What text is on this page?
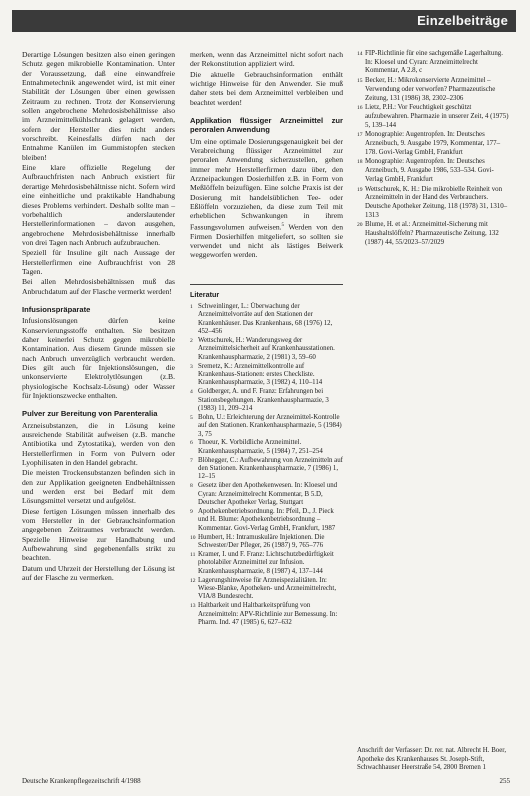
Einzelbeiträge

Derartige Lösungen besitzen also einen geringen Schutz gegen mikrobielle Kontamination. Unter der Voraussetzung, daß eine einwandfreie Entnahmetechnik angewendet wird, ist mit einer Stabilität der Lösungen über einen gewissen Zeitraum zu rechnen. Trotz der Konservierung sollen angebrochene Mehrdosisbehältnisse also im Arzneimittelkühlschrank gelagert werden, sofern der Hersteller dies nicht anders vorschreibt. Keinesfalls dürfen nach der Entnahme Kanülen im Gummistopfen stecken bleiben!

Eine klare offizielle Regelung der Aufbrauchfristen nach Anbruch existiert für derartige Mehrdosisbehältnisse nicht. Sofern wird eine einheitliche und praktikable Handhabung dieses Problems verhindert. Deshalb sollte man – vorbehaltlich anderslautender Herstellerinformationen – davon ausgehen, angebrochene Mehrdosisbehältnisse innerhalb von drei Tagen nach Anbruch aufzubrauchen.

Speziell für Insuline gilt nach Aussage der Herstellerfirmen eine Aufbrauchfrist von 28 Tagen.

Bei allen Mehrdosisbehältnissen muß das Anbruchdatum auf der Flasche vermerkt werden!

Infusionspräparate

Infusionslösungen dürfen keine Konservierungsstoffe enthalten. Sie besitzen daher keinerlei Schutz gegen mikrobielle Kontamination. Aus diesem Grunde müssen sie nach Anbruch unverzüglich verbraucht werden. Dies gilt auch für Injektionslösungen, die unkonservierte Elektrolytlösungen (z.B. physiologische Kochsalz-Lösung) oder Wasser für Injektionszwecke enthalten.

Pulver zur Bereitung von Parenteralia

Arzneisubstanzen, die in Lösung keine ausreichende Stabilität aufweisen (z.B. manche Antibiotika und Zytostatika), werden von den Herstellerfirmen in Form von Pulvern oder Lyophilisaten in den Handel gebracht.

Die meisten Trockensubstanzen befinden sich in den zur Applikation geeigneten Endbehältnissen und werden erst bei Bedarf mit dem Lösungsmittel versetzt und aufgelöst.

Diese fertigen Lösungen müssen innerhalb des vom Hersteller in der Gebrauchsinformation angegebenen Zeitraumes verbraucht werden. Spezielle Hinweise zur Handhabung und Aufbewahrung sind gegebenenfalls strikt zu beachten.

Datum und Uhrzeit der Herstellung der Lösung ist auf der Flasche zu vermerken.

merken, wenn das Arzneimittel nicht sofort nach der Rekonstitution appliziert wird.

Die aktuelle Gebrauchsinformation enthält wichtige Hinweise für den Anwender. Sie muß daher stets bei dem Arzneimittel verbleiben und beachtet werden!

Applikation flüssiger Arzneimittel zur peroralen Anwendung

Um eine optimale Dosierungsgenauigkeit bei der Verabreichung flüssiger Arzneimittel zur peroralen Anwendung sicherzustellen, gehen immer mehr Herstellerfirmen dazu über, den Arzneipackungen Dosierhilfen z.B. in Form von Meßlöffeln beizufügen. Eine solche Praxis ist der Dosierung mit handelsüblichen Tee- oder Eßlöffeln vorzuziehen, da diese zum Teil mit erheblichen Schwankungen in ihrem Fassungsvolumen aufweisen.$^5$ Werden von den Firmen Dosierhilfen mitgeliefert, so sollten sie verwendet und nicht als lästiges Beiwerk weggeworfen werden.

Literatur
1 Schweinlinger, L.: Überwachung der Arzneimittelvorräte auf den Stationen der Krankenhäuser. Das Krankenhaus, 68 (1976) 12, 452–456
2 Wettschurek, H.: Wanderungsweg der Arzneimittelsicherheit auf Krankenhausstationen. Krankenhauspharmazie, 2 (1981) 3, 59–60
3 Sremetz, K.: Arzneimittelkontrolle auf Krankenhaus-Stationen: erstes Checkliste. Krankenhauspharmazie, 3 (1982) 4, 110–114
4 Goldberger, A. und F. Franz: Erfahrungen bei Stationsbegehungen. Krankenhauspharmazie, 3 (1983) 11, 209–214
5 Bohn, U.: Erleichterung der Arzneimittel-Kontrolle auf den Stationen. Krankenhauspharmazie, 5 (1984) 3, 75
6 Thoeur, K. Vorbildliche Arzneimittel. Krankenhauspharmazie, 5 (1984) 7, 251–254
7 Blöhegger, C.: Aufbewahrung von Arzneimitteln auf den Stationen. Krankenhauspharmazie, 7 (1986) 1, 12–15
8 Gesetz über den Apothekenwesen. In: Kloesel und Cyran: Arzneimittelrecht Kommentar, B 5.D, Deutscher Apotheker Verlag, Stuttgart
9 Apothekenbetriebsordnung. In: Pfeil, D., J. Pieck und H. Blume: Apothekenbetriebsordnung – Kommentar. Govi-Verlag GmbH, Frankfurt, 1987
10 Humbert, H.: Intramuskuläre Injektionen. Die Schwester/Der Pfleger, 26 (1987) 9, 765–776
11 Kramer, I. und F. Franz: Lichtschutzbedürftigkeit photolabiler Arzneimittel zur Infusion. Krankenhauspharmazie, 8 (1987) 4, 137–144
12 Lagerungshinweise für Arzneispezialitäten. In: Wiese-Blanke, Apotheken- und Arzneimittelrecht, VIA/8 Bundesrecht.
13 Haltbarkeit und Haltbarkeitsprüfung von Arzneimitteln: APV-Richtlinie zur Bemessung. In: Pharm. Ind. 47 (1985) 6, 627–632
14 FIP-Richtlinie für eine sachgemäße Lagerhaltung. In: Kloesel und Cyran: Arzneimittelrecht Kommentar, A 2.8, c
15 Becker, H.: Mikrokonservierte Arzneimittel – Verwendung oder verworfen? Pharmazeutische Zeitung, 131 (1986) 38, 2302–2306
16 Lietz, P.H.: Vor Feuchtigkeit geschützt aufzubewahren. Pharmazie in unserer Zeit, 4 (1975) 5, 139–144
17 Monographie: Augentropfen. In: Deutsches Arzneibuch, 9. Ausgabe 1979, Kommentar, 177–178. Govi-Verlag GmbH, Frankfurt
18 Monographie: Augentropfen. In: Deutsches Arzneibuch, 9. Ausgabe 1986, 533–534. Govi-Verlag GmbH, Frankfurt
19 Wettschurek, K. H.: Die mikrobielle Reinheit von Arzneimitteln in der Hand des Verbrauchers. Deutsche Apotheker Zeitung, 118 (1978) 31, 1310–1313
20 Blume, H. et al.: Arzneimittel-Sicherung mit Haushaltslöffeln? Pharmazeutische Zeitung, 132 (1987) 44, 55/2023–57/2029
Anschrift der Verfasser: Dr. rer. nat. Albrecht H. Boer, Apotheke des Krankenhauses St. Joseph-Stift, Schwachhauser Heerstraße 54, 2800 Bremen 1
Deutsche Krankenpflegezeitschrift 4/1988	255
